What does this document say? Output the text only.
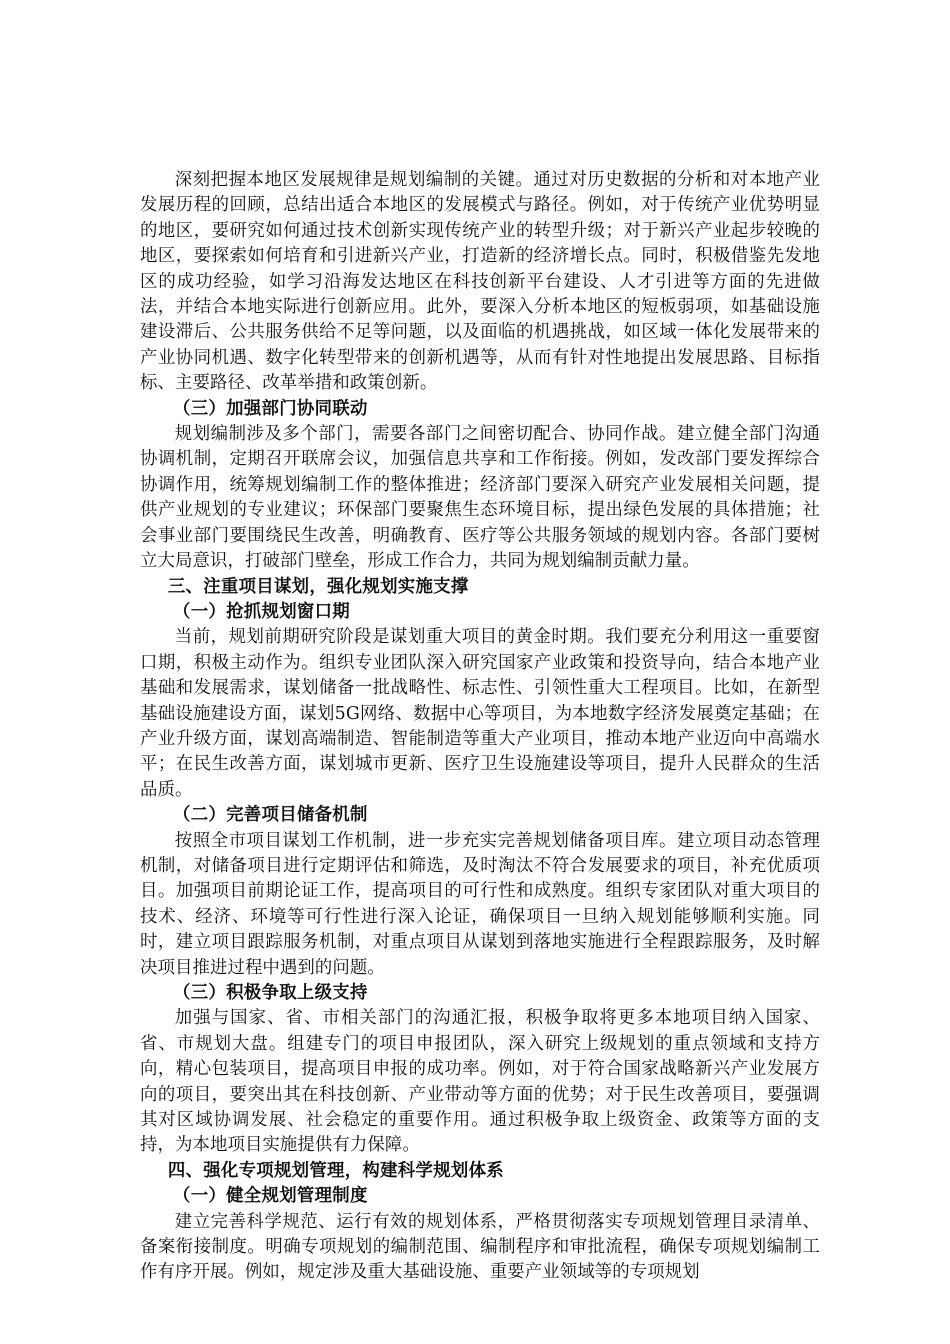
深刻把握本地区发展规律是规划编制的关键。通过对历史数据的分析和对本地产业发展历程的回顾，总结出适合本地区的发展模式与路径。例如，对于传统产业优势明显的地区，要研究如何通过技术创新实现传统产业的转型升级；对于新兴产业起步较晚的地区，要探索如何培育和引进新兴产业，打造新的经济增长点。同时，积极借鉴先发地区的成功经验，如学习沿海发达地区在科技创新平台建设、人才引进等方面的先进做法，并结合本地实际进行创新应用。此外，要深入分析本地区的短板弱项，如基础设施建设滞后、公共服务供给不足等问题，以及面临的机遇挑战，如区域一体化发展带来的产业协同机遇、数字化转型带来的创新机遇等，从而有针对性地提出发展思路、目标指标、主要路径、改革举措和政策创新。

（三）加强部门协同联动

规划编制涉及多个部门，需要各部门之间密切配合、协同作战。建立健全部门沟通协调机制，定期召开联席会议，加强信息共享和工作衔接。例如，发改部门要发挥综合协调作用，统筹规划编制工作的整体推进；经济部门要深入研究产业发展相关问题，提供产业规划的专业建议；环保部门要聚焦生态环境目标，提出绿色发展的具体措施；社会事业部门要围绕民生改善，明确教育、医疗等公共服务领域的规划内容。各部门要树立大局意识，打破部门壁垒，形成工作合力，共同为规划编制贡献力量。

三、注重项目谋划，强化规划实施支撑

（一）抢抓规划窗口期

当前，规划前期研究阶段是谋划重大项目的黄金时期。我们要充分利用这一重要窗口期，积极主动作为。组织专业团队深入研究国家产业政策和投资导向，结合本地产业基础和发展需求，谋划储备一批战略性、标志性、引领性重大工程项目。比如，在新型基础设施建设方面，谋划5G网络、数据中心等项目，为本地数字经济发展奠定基础；在产业升级方面，谋划高端制造、智能制造等重大产业项目，推动本地产业迈向中高端水平；在民生改善方面，谋划城市更新、医疗卫生设施建设等项目，提升人民群众的生活品质。

（二）完善项目储备机制

按照全市项目谋划工作机制，进一步充实完善规划储备项目库。建立项目动态管理机制，对储备项目进行定期评估和筛选，及时淘汰不符合发展要求的项目，补充优质项目。加强项目前期论证工作，提高项目的可行性和成熟度。组织专家团队对重大项目的技术、经济、环境等可行性进行深入论证，确保项目一旦纳入规划能够顺利实施。同时，建立项目跟踪服务机制，对重点项目从谋划到落地实施进行全程跟踪服务，及时解决项目推进过程中遇到的问题。

（三）积极争取上级支持

加强与国家、省、市相关部门的沟通汇报，积极争取将更多本地项目纳入国家、省、市规划大盘。组建专门的项目申报团队，深入研究上级规划的重点领域和支持方向，精心包装项目，提高项目申报的成功率。例如，对于符合国家战略新兴产业发展方向的项目，要突出其在科技创新、产业带动等方面的优势；对于民生改善项目，要强调其对区域协调发展、社会稳定的重要作用。通过积极争取上级资金、政策等方面的支持，为本地项目实施提供有力保障。

四、强化专项规划管理，构建科学规划体系

（一）健全规划管理制度

建立完善科学规范、运行有效的规划体系，严格贯彻落实专项规划管理目录清单、备案衔接制度。明确专项规划的编制范围、编制程序和审批流程，确保专项规划编制工作有序开展。例如，规定涉及重大基础设施、重要产业领域等的专项规划
